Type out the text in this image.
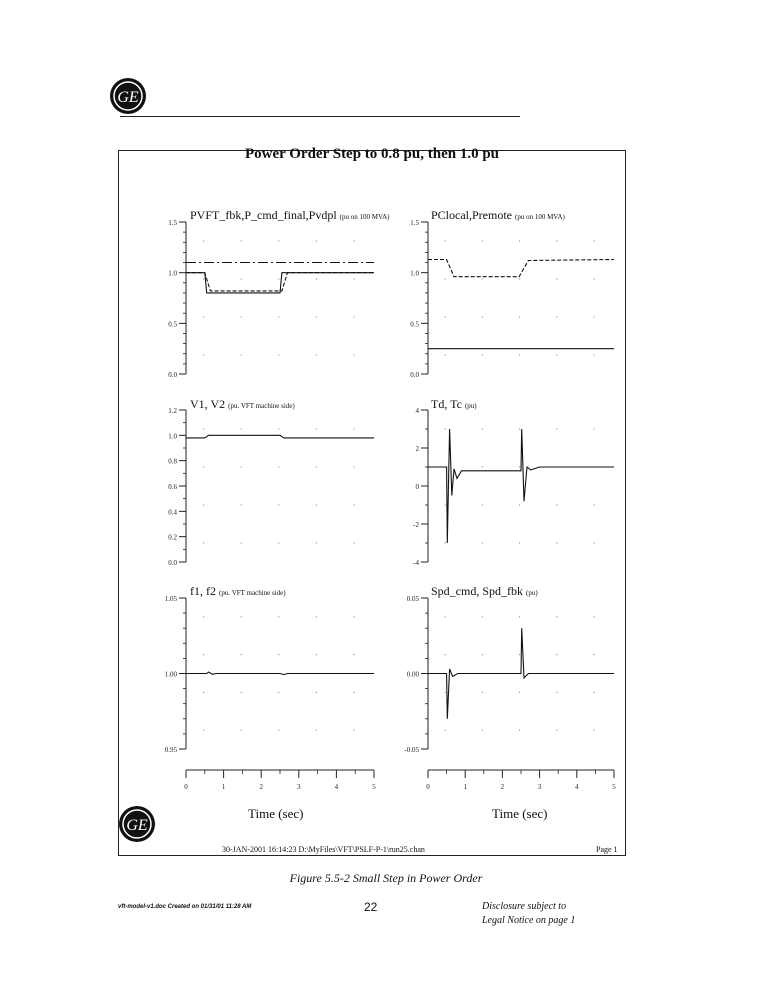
GE
Power Order Step to 0.8 pu, then 1.0 pu
PVFT_fbk,P_cmd_final,Pvdpl (pu on 100 MVA)	PClocal,Premote (pu on 100 MVA)
V1, V2 (pu. VFT machine side)	Td, Tc (pu)
f1, f2 (pu. VFT machine side)	Spd_cmd, Spd_fbk (pu)
1.5
1.0
0.5
0.0
1.5
1.0
0.5
0.0
1.2
1.0
0.8
0.6
0.4
0.2
0.0
4
2
0
-2
-4
1.05
1.00
0.95
0.05
0.00
-0.05
0	1	2	3	4	5	0	1	2	3	4	5
Time (sec)	Time (sec)
GE
30-JAN-2001 16:14:23 D:\MyFiles\VFT\PSLF-P-1\run25.chan	Page 1
Figure 5.5-2 Small Step in Power Order
vft-model-v1.doc Created on 01/31/01 11:28 AM	22	Disclosure subject to
Legal Notice on page 1
